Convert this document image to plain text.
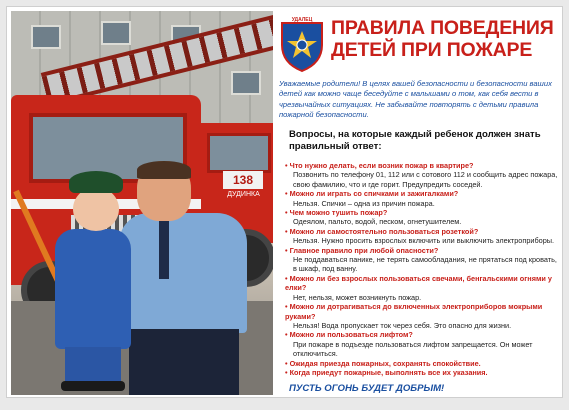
138
ДУДИНКА
УДАЛЕЦ ПРАВИЛА ПОВЕДЕНИЯ
ДЕТЕЙ ПРИ ПОЖАРЕ
Уважаемые родители! В целях вашей безопасности и безопасности ваших детей как можно чаще беседуйте с малышами о том, как себя вести в чрезвычайных ситуациях. Не забывайте повторять с детьми правила пожарной безопасности.
Вопросы, на которые каждый ребенок должен знать правильный ответ:
• Что нужно делать, если возник пожар в квартире?
Позвонить по телефону 01, 112 или с сотового 112 и сообщить адрес пожара, свою фамилию, что и где горит. Предупредить соседей.
• Можно ли играть со спичками и зажигалками?
Нельзя. Спички – одна из причин пожара.
• Чем можно тушить пожар?
Одеялом, пальто, водой, песком, огнетушителем.
• Можно ли самостоятельно пользоваться розеткой?
Нельзя. Нужно просить взрослых включить или выключить электроприборы.
• Главное правило при любой опасности?
Не поддаваться панике, не терять самообладания, не прятаться под кровать, в шкаф, под ванну.
• Можно ли без взрослых пользоваться свечами, бенгальскими огнями у елки?
Нет, нельзя, может возникнуть пожар.
• Можно ли дотрагиваться до включенных электроприборов мокрыми руками?
Нельзя! Вода пропускает ток через себя. Это опасно для жизни.
• Можно ли пользоваться лифтом?
При пожаре в подъезде пользоваться лифтом запрещается. Он может отключиться.
• Ожидая приезда пожарных, сохранять спокойствие.
• Когда приедут пожарные, выполнять все их указания.
ПУСТЬ ОГОНЬ БУДЕТ ДОБРЫМ!
